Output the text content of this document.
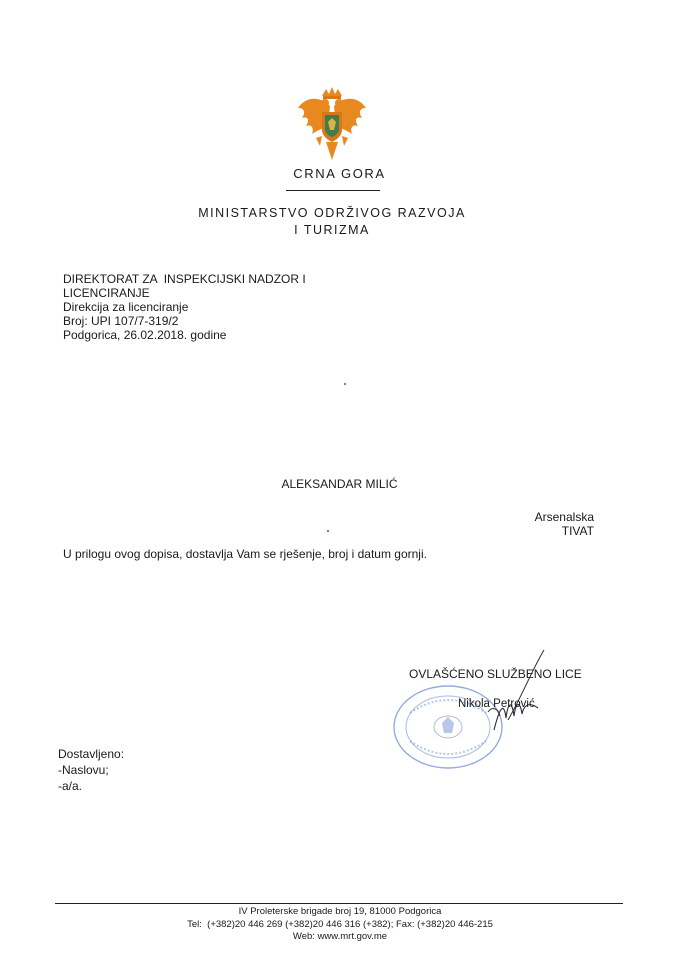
CRNA GORA
MINISTARSTVO ODRŽIVOG RAZVOJA
I TURIZMA
DIREKTORAT ZA  INSPEKCIJSKI NADZOR I
LICENCIRANJE
Direkcija za licenciranje
Broj: UPI 107/7-319/2
Podgorica, 26.02.2018. godine
ALEKSANDAR MILIĆ
Arsenalska
TIVAT
U prilogu ovog dopisa, dostavlja Vam se rješenje, broj i datum gornji.
OVLAŠĆENO SLUŽBENO LICE
Nikola Petrović
Dostavljeno:
-Naslovu;
-a/a.
IV Proleterske brigade broj 19, 81000 Podgorica
Tel:  (+382)20 446 269 (+382)20 446 316 (+382); Fax: (+382)20 446-215
Web: www.mrt.gov.me
